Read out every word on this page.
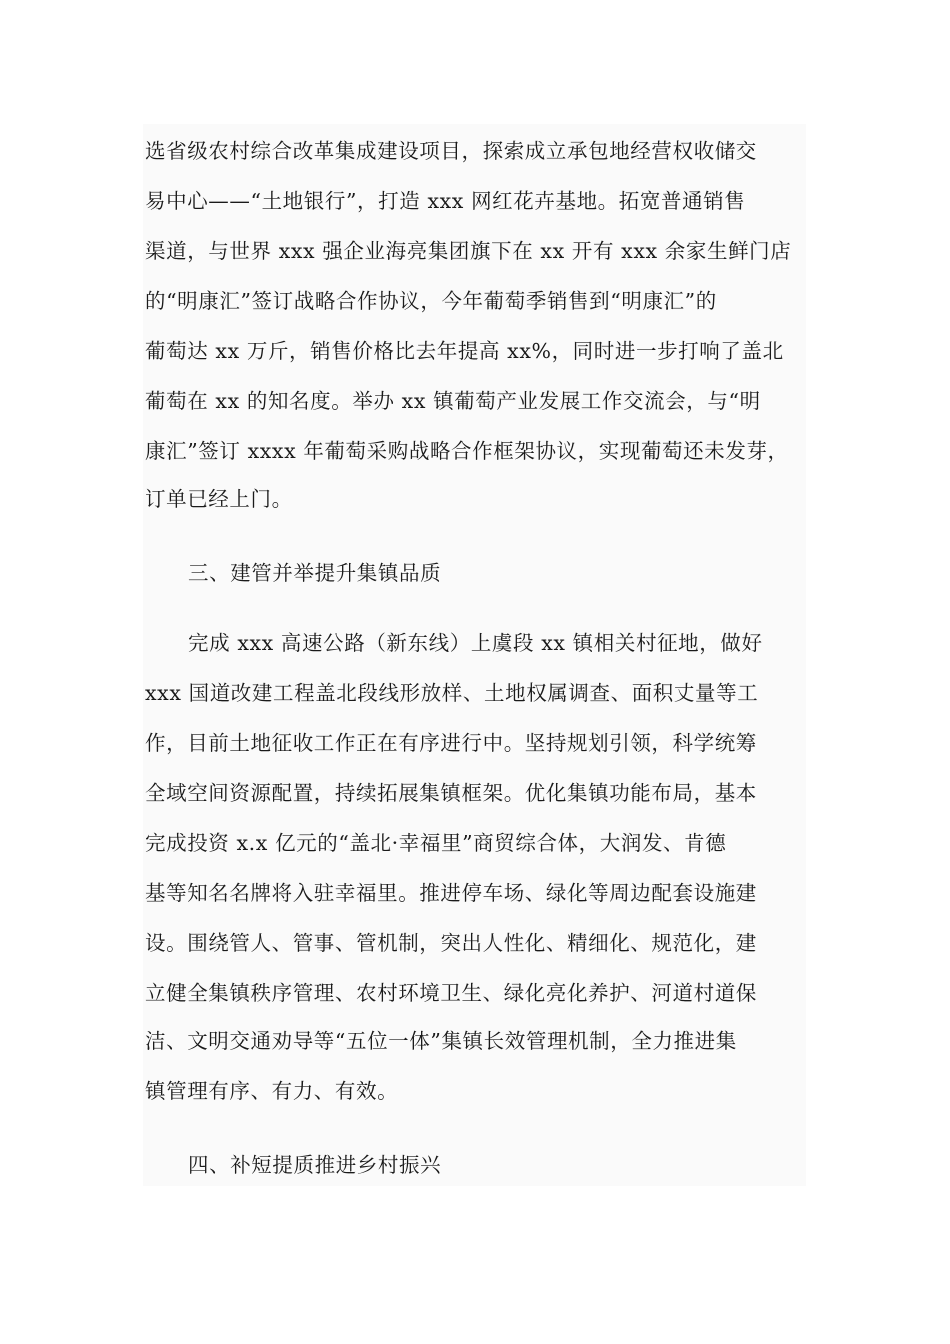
选省级农村综合改革集成建设项目，探索成立承包地经营权收储交
易中心——“土地银行”，打造 xxx 网红花卉基地。拓宽普通销售
渠道，与世界 xxx 强企业海亮集团旗下在 xx 开有 xxx 余家生鲜门店
的“明康汇”签订战略合作协议，今年葡萄季销售到“明康汇”的
葡萄达 xx 万斤，销售价格比去年提高 xx%，同时进一步打响了盖北
葡萄在 xx 的知名度。举办 xx 镇葡萄产业发展工作交流会，与“明
康汇”签订 xxxx 年葡萄采购战略合作框架协议，实现葡萄还未发芽，
订单已经上门。
三、建管并举提升集镇品质
完成 xxx 高速公路（新东线）上虞段 xx 镇相关村征地，做好
xxx 国道改建工程盖北段线形放样、土地权属调查、面积丈量等工
作，目前土地征收工作正在有序进行中。坚持规划引领，科学统筹
全域空间资源配置，持续拓展集镇框架。优化集镇功能布局，基本
完成投资 x.x 亿元的“盖北·幸福里”商贸综合体，大润发、肯德
基等知名名牌将入驻幸福里。推进停车场、绿化等周边配套设施建
设。围绕管人、管事、管机制，突出人性化、精细化、规范化，建
立健全集镇秩序管理、农村环境卫生、绿化亮化养护、河道村道保
洁、文明交通劝导等“五位一体”集镇长效管理机制，全力推进集
镇管理有序、有力、有效。
四、补短提质推进乡村振兴
